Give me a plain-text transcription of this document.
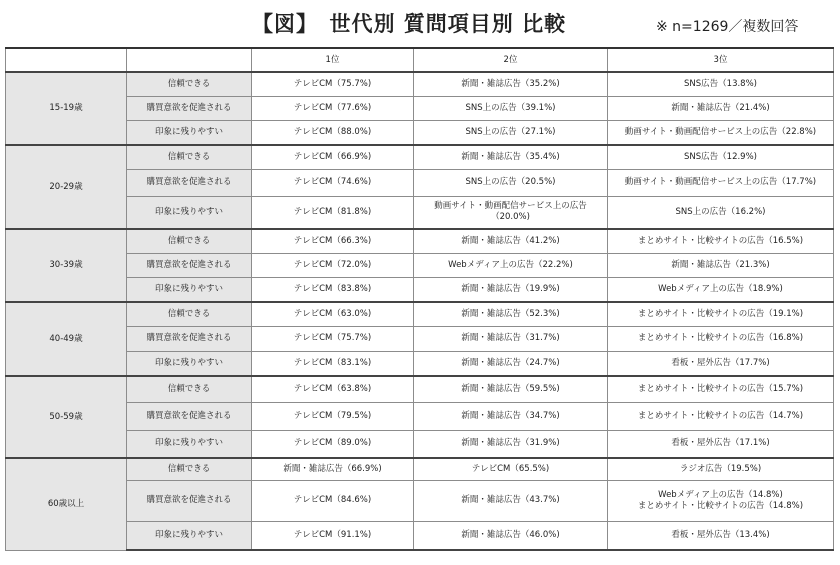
【図】　世代別 質問項目別 比較	※ n=1269／複数回答
		1位	2位	3位
15-19歳	信頼できる	テレビCM（75.7%)	新聞・雑誌広告（35.2%)	SNS広告（13.8%)
	購買意欲を促進される	テレビCM（77.6%)	SNS上の広告（39.1%)	新聞・雑誌広告（21.4%)
	印象に残りやすい	テレビCM（88.0%)	SNS上の広告（27.1%)	動画サイト・動画配信サービス上の広告（22.8%)
20-29歳	信頼できる	テレビCM（66.9%)	新聞・雑誌広告（35.4%)	SNS広告（12.9%)
	購買意欲を促進される	テレビCM（74.6%)	SNS上の広告（20.5%)	動画サイト・動画配信サービス上の広告（17.7%)
	印象に残りやすい	テレビCM（81.8%)	動画サイト・動画配信サービス上の広告（20.0%)	SNS上の広告（16.2%)
30-39歳	信頼できる	テレビCM（66.3%)	新聞・雑誌広告（41.2%)	まとめサイト・比較サイトの広告（16.5%)
	購買意欲を促進される	テレビCM（72.0%)	Webメディア上の広告（22.2%)	新聞・雑誌広告（21.3%)
	印象に残りやすい	テレビCM（83.8%)	新聞・雑誌広告（19.9%)	Webメディア上の広告（18.9%)
40-49歳	信頼できる	テレビCM（63.0%)	新聞・雑誌広告（52.3%)	まとめサイト・比較サイトの広告（19.1%)
	購買意欲を促進される	テレビCM（75.7%)	新聞・雑誌広告（31.7%)	まとめサイト・比較サイトの広告（16.8%)
	印象に残りやすい	テレビCM（83.1%)	新聞・雑誌広告（24.7%)	看板・屋外広告（17.7%)
50-59歳	信頼できる	テレビCM（63.8%)	新聞・雑誌広告（59.5%)	まとめサイト・比較サイトの広告（15.7%)
	購買意欲を促進される	テレビCM（79.5%)	新聞・雑誌広告（34.7%)	まとめサイト・比較サイトの広告（14.7%)
	印象に残りやすい	テレビCM（89.0%)	新聞・雑誌広告（31.9%)	看板・屋外広告（17.1%)
60歳以上	信頼できる	新聞・雑誌広告（66.9%)	テレビCM（65.5%)	ラジオ広告（19.5%)
	購買意欲を促進される	テレビCM（84.6%)	新聞・雑誌広告（43.7%)	Webメディア上の広告（14.8%)
まとめサイト・比較サイトの広告（14.8%)
	印象に残りやすい	テレビCM（91.1%)	新聞・雑誌広告（46.0%)	看板・屋外広告（13.4%)
